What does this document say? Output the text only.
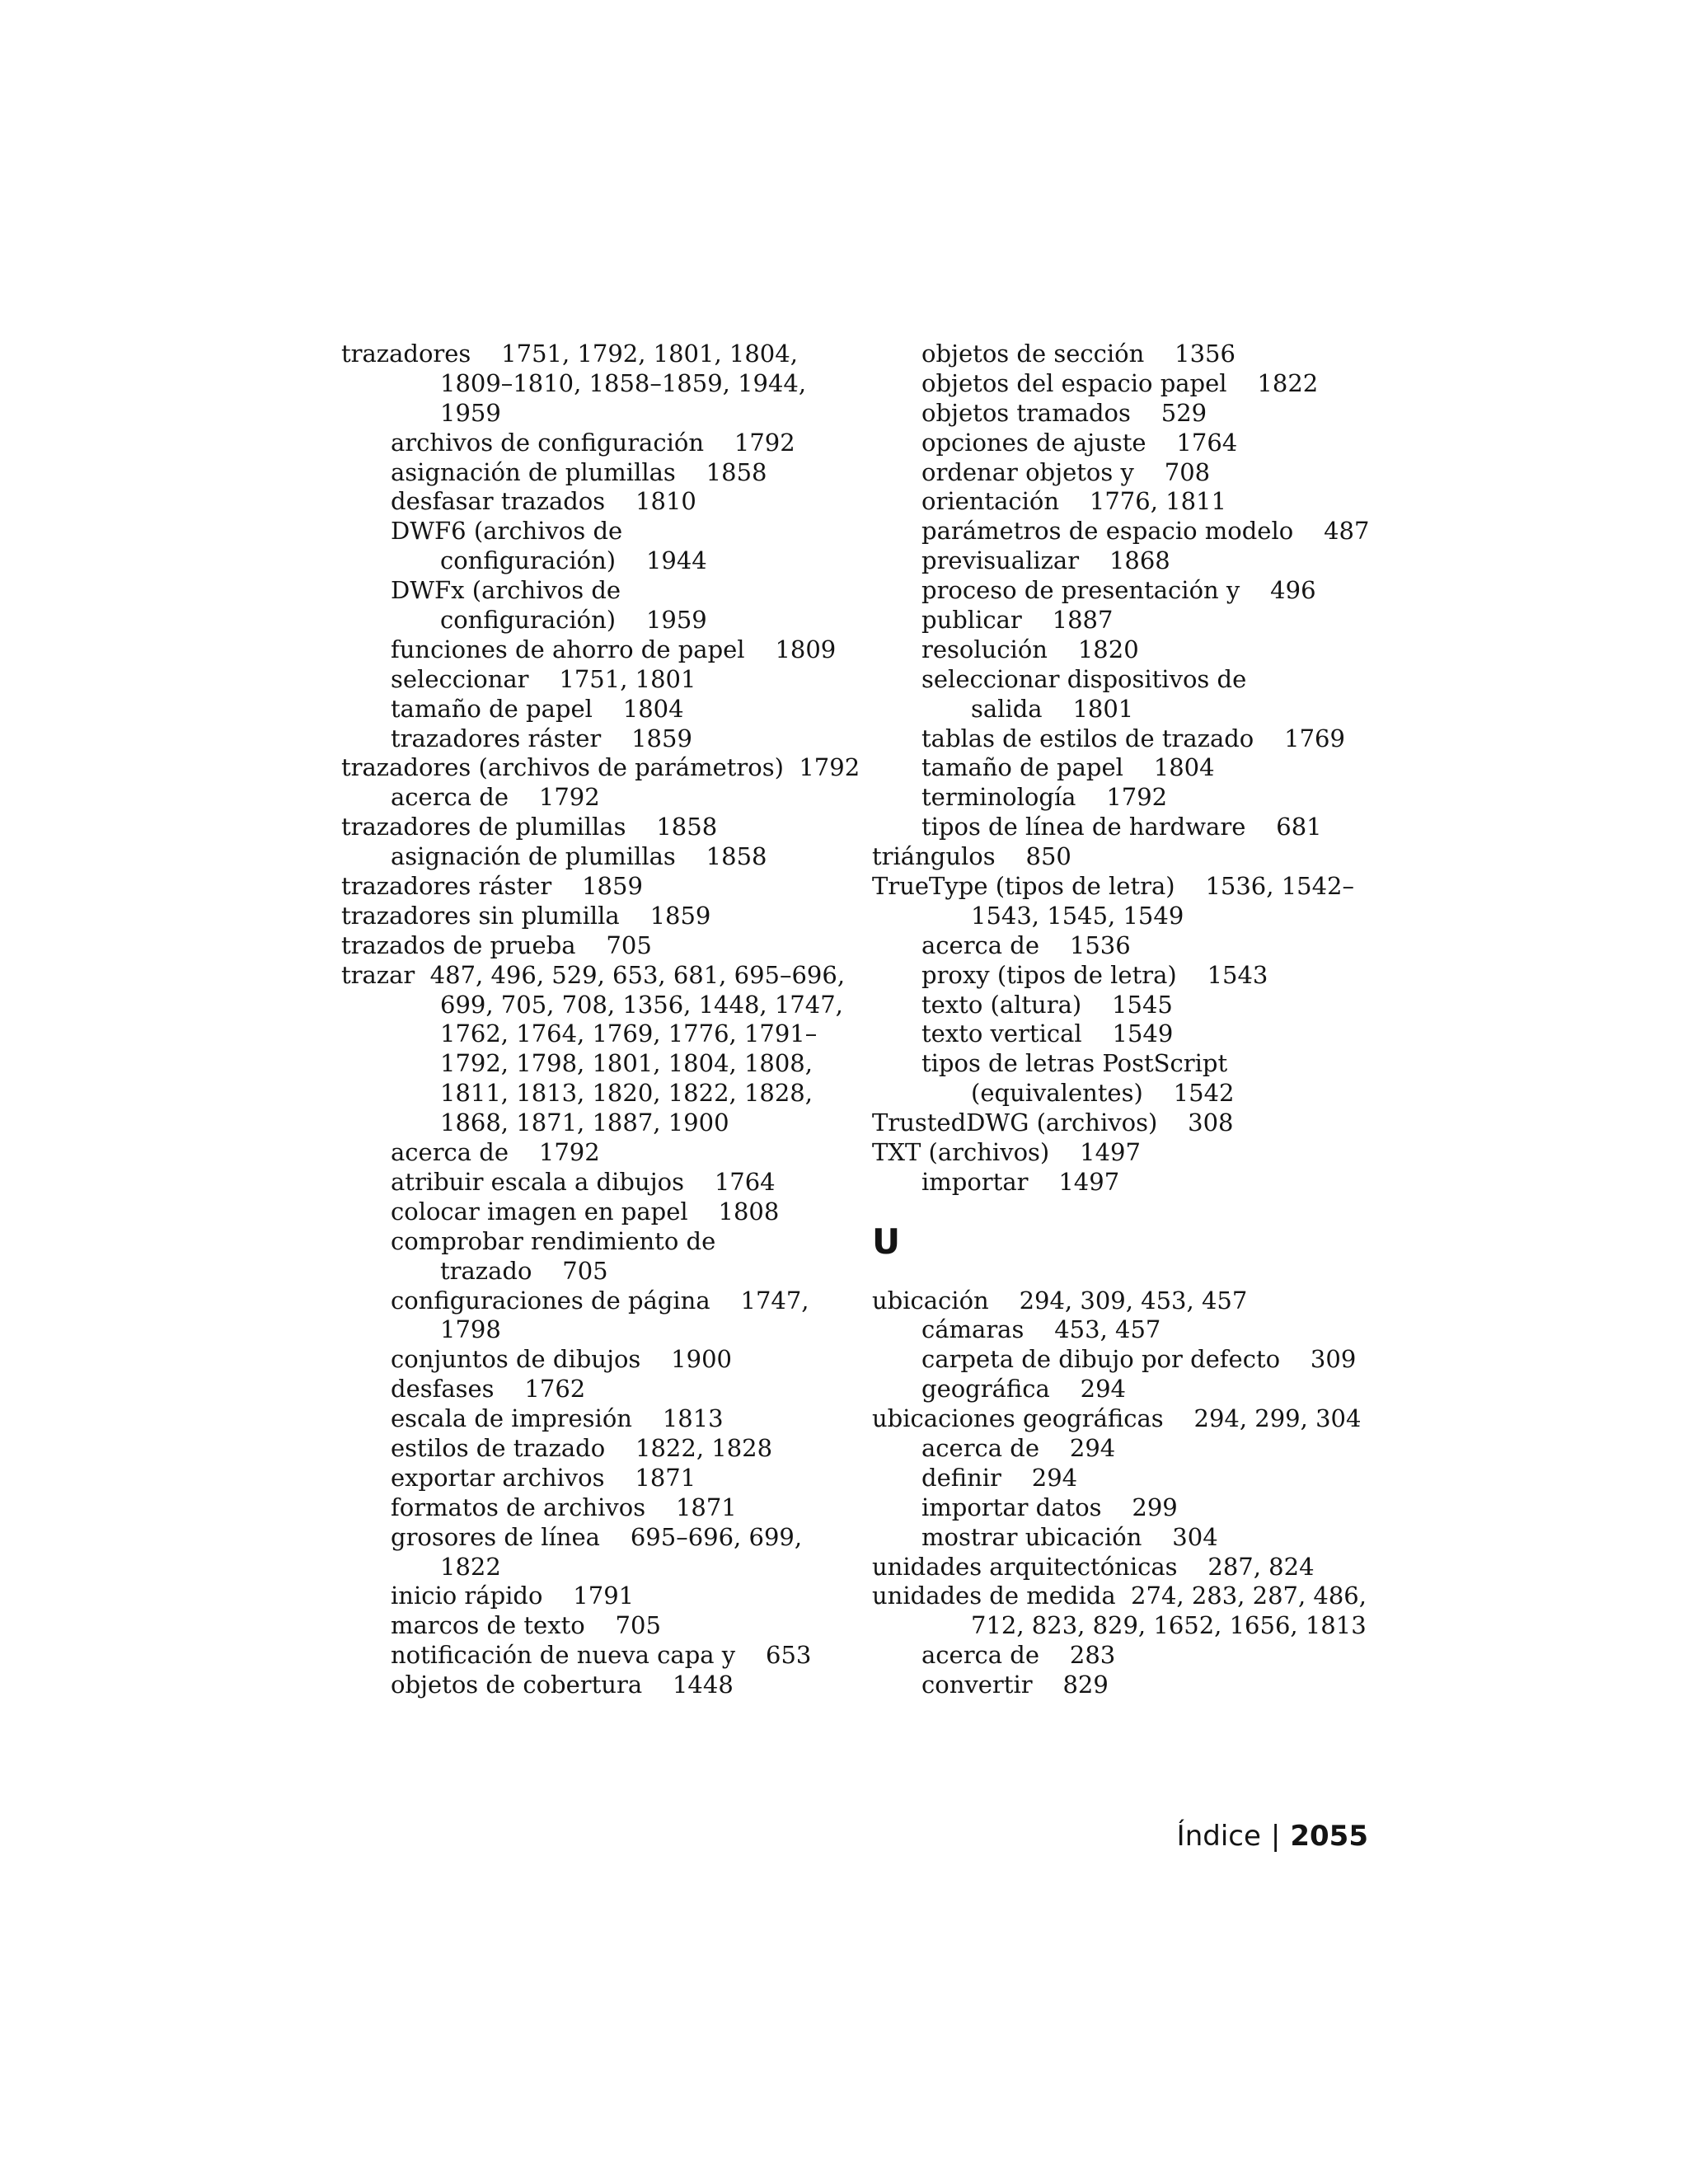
trazadores    1751, 1792, 1801, 1804,
1809–1810, 1858–1859, 1944,
1959
archivos de configuración    1792
asignación de plumillas    1858
desfasar trazados    1810
DWF6 (archivos de
configuración)    1944
DWFx (archivos de
configuración)    1959
funciones de ahorro de papel    1809
seleccionar    1751, 1801
tamaño de papel    1804
trazadores ráster    1859
trazadores (archivos de parámetros)  1792
acerca de    1792
trazadores de plumillas    1858
asignación de plumillas    1858
trazadores ráster    1859
trazadores sin plumilla    1859
trazados de prueba    705
trazar  487, 496, 529, 653, 681, 695–696,
699, 705, 708, 1356, 1448, 1747,
1762, 1764, 1769, 1776, 1791–
1792, 1798, 1801, 1804, 1808,
1811, 1813, 1820, 1822, 1828,
1868, 1871, 1887, 1900
acerca de    1792
atribuir escala a dibujos    1764
colocar imagen en papel    1808
comprobar rendimiento de
trazado    705
configuraciones de página    1747,
1798
conjuntos de dibujos    1900
desfases    1762
escala de impresión    1813
estilos de trazado    1822, 1828
exportar archivos    1871
formatos de archivos    1871
grosores de línea    695–696, 699,
1822
inicio rápido    1791
marcos de texto    705
notificación de nueva capa y    653
objetos de cobertura    1448
objetos de sección    1356
objetos del espacio papel    1822
objetos tramados    529
opciones de ajuste    1764
ordenar objetos y    708
orientación    1776, 1811
parámetros de espacio modelo    487
previsualizar    1868
proceso de presentación y    496
publicar    1887
resolución    1820
seleccionar dispositivos de
salida    1801
tablas de estilos de trazado    1769
tamaño de papel    1804
terminología    1792
tipos de línea de hardware    681
triángulos    850
TrueType (tipos de letra)    1536, 1542–
1543, 1545, 1549
acerca de    1536
proxy (tipos de letra)    1543
texto (altura)    1545
texto vertical    1549
tipos de letras PostScript
(equivalentes)    1542
TrustedDWG (archivos)    308
TXT (archivos)    1497
importar    1497
U
ubicación    294, 309, 453, 457
cámaras    453, 457
carpeta de dibujo por defecto    309
geográfica    294
ubicaciones geográficas    294, 299, 304
acerca de    294
definir    294
importar datos    299
mostrar ubicación    304
unidades arquitectónicas    287, 824
unidades de medida  274, 283, 287, 486,
712, 823, 829, 1652, 1656, 1813
acerca de    283
convertir    829
Índice | 2055
